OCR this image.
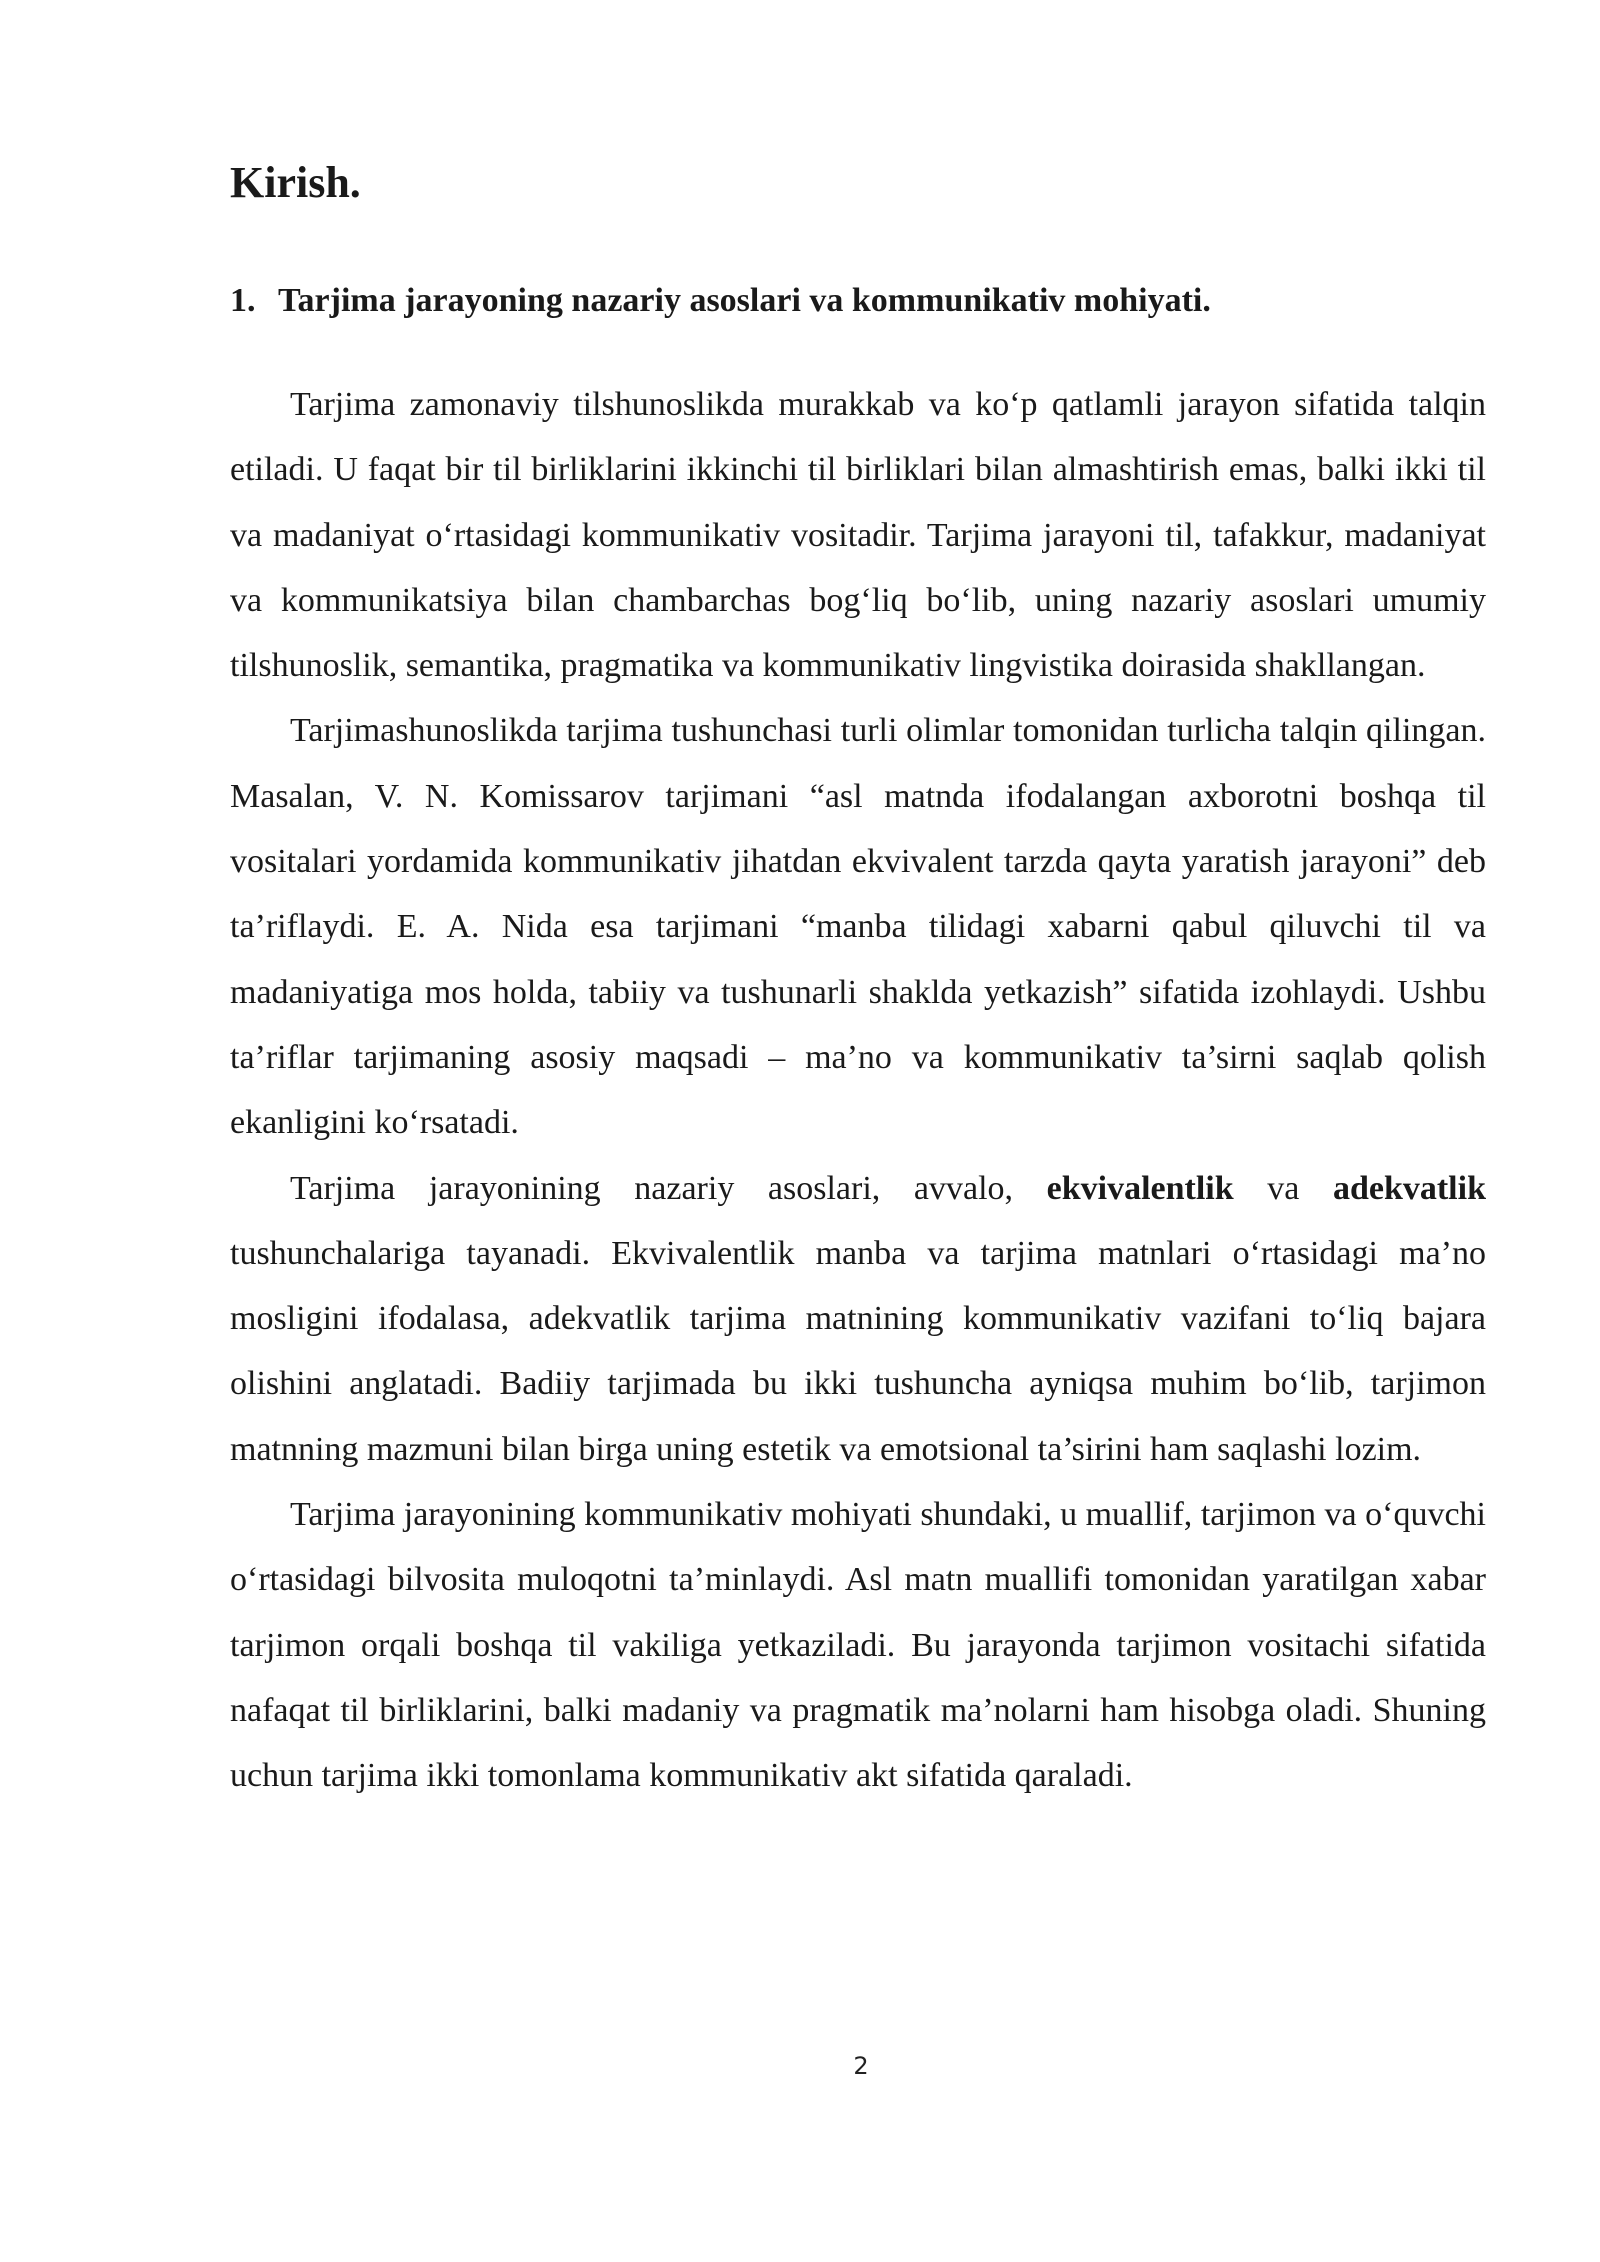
Kirish.
1. Tarjima jarayoning nazariy asoslari va kommunikativ mohiyati.

Tarjima zamonaviy tilshunoslikda murakkab va ko‘p qatlamli jarayon sifatida talqin etiladi. U faqat bir til birliklarini ikkinchi til birliklari bilan almashtirish emas, balki ikki til va madaniyat o‘rtasidagi kommunikativ vositadir. Tarjima jarayoni til, tafakkur, madaniyat va kommunikatsiya bilan chambarchas bog‘liq bo‘lib, uning nazariy asoslari umumiy tilshunoslik, semantika, pragmatika va kommunikativ lingvistika doirasida shakllangan.

Tarjimashunoslikda tarjima tushunchasi turli olimlar tomonidan turlicha talqin qilingan. Masalan, V. N. Komissarov tarjimani “asl matnda ifodalangan axborotni boshqa til vositalari yordamida kommunikativ jihatdan ekvivalent tarzda qayta yaratish jarayoni” deb ta’riflaydi. E. A. Nida esa tarjimani “manba tilidagi xabarni qabul qiluvchi til va madaniyatiga mos holda, tabiiy va tushunarli shaklda yetkazish” sifatida izohlaydi. Ushbu ta’riflar tarjimaning asosiy maqsadi – ma’no va kommunikativ ta’sirni saqlab qolish ekanligini ko‘rsatadi.

Tarjima jarayonining nazariy asoslari, avvalo, ekvivalentlik va adekvatlik tushunchalariga tayanadi. Ekvivalentlik manba va tarjima matnlari o‘rtasidagi ma’no mosligini ifodalasa, adekvatlik tarjima matnining kommunikativ vazifani to‘liq bajara olishini anglatadi. Badiiy tarjimada bu ikki tushuncha ayniqsa muhim bo‘lib, tarjimon matnning mazmuni bilan birga uning estetik va emotsional ta’sirini ham saqlashi lozim.

Tarjima jarayonining kommunikativ mohiyati shundaki, u muallif, tarjimon va o‘quvchi o‘rtasidagi bilvosita muloqotni ta’minlaydi. Asl matn muallifi tomonidan yaratilgan xabar tarjimon orqali boshqa til vakiliga yetkaziladi. Bu jarayonda tarjimon vositachi sifatida nafaqat til birliklarini, balki madaniy va pragmatik ma’nolarni ham hisobga oladi. Shuning uchun tarjima ikki tomonlama kommunikativ akt sifatida qaraladi.

2
